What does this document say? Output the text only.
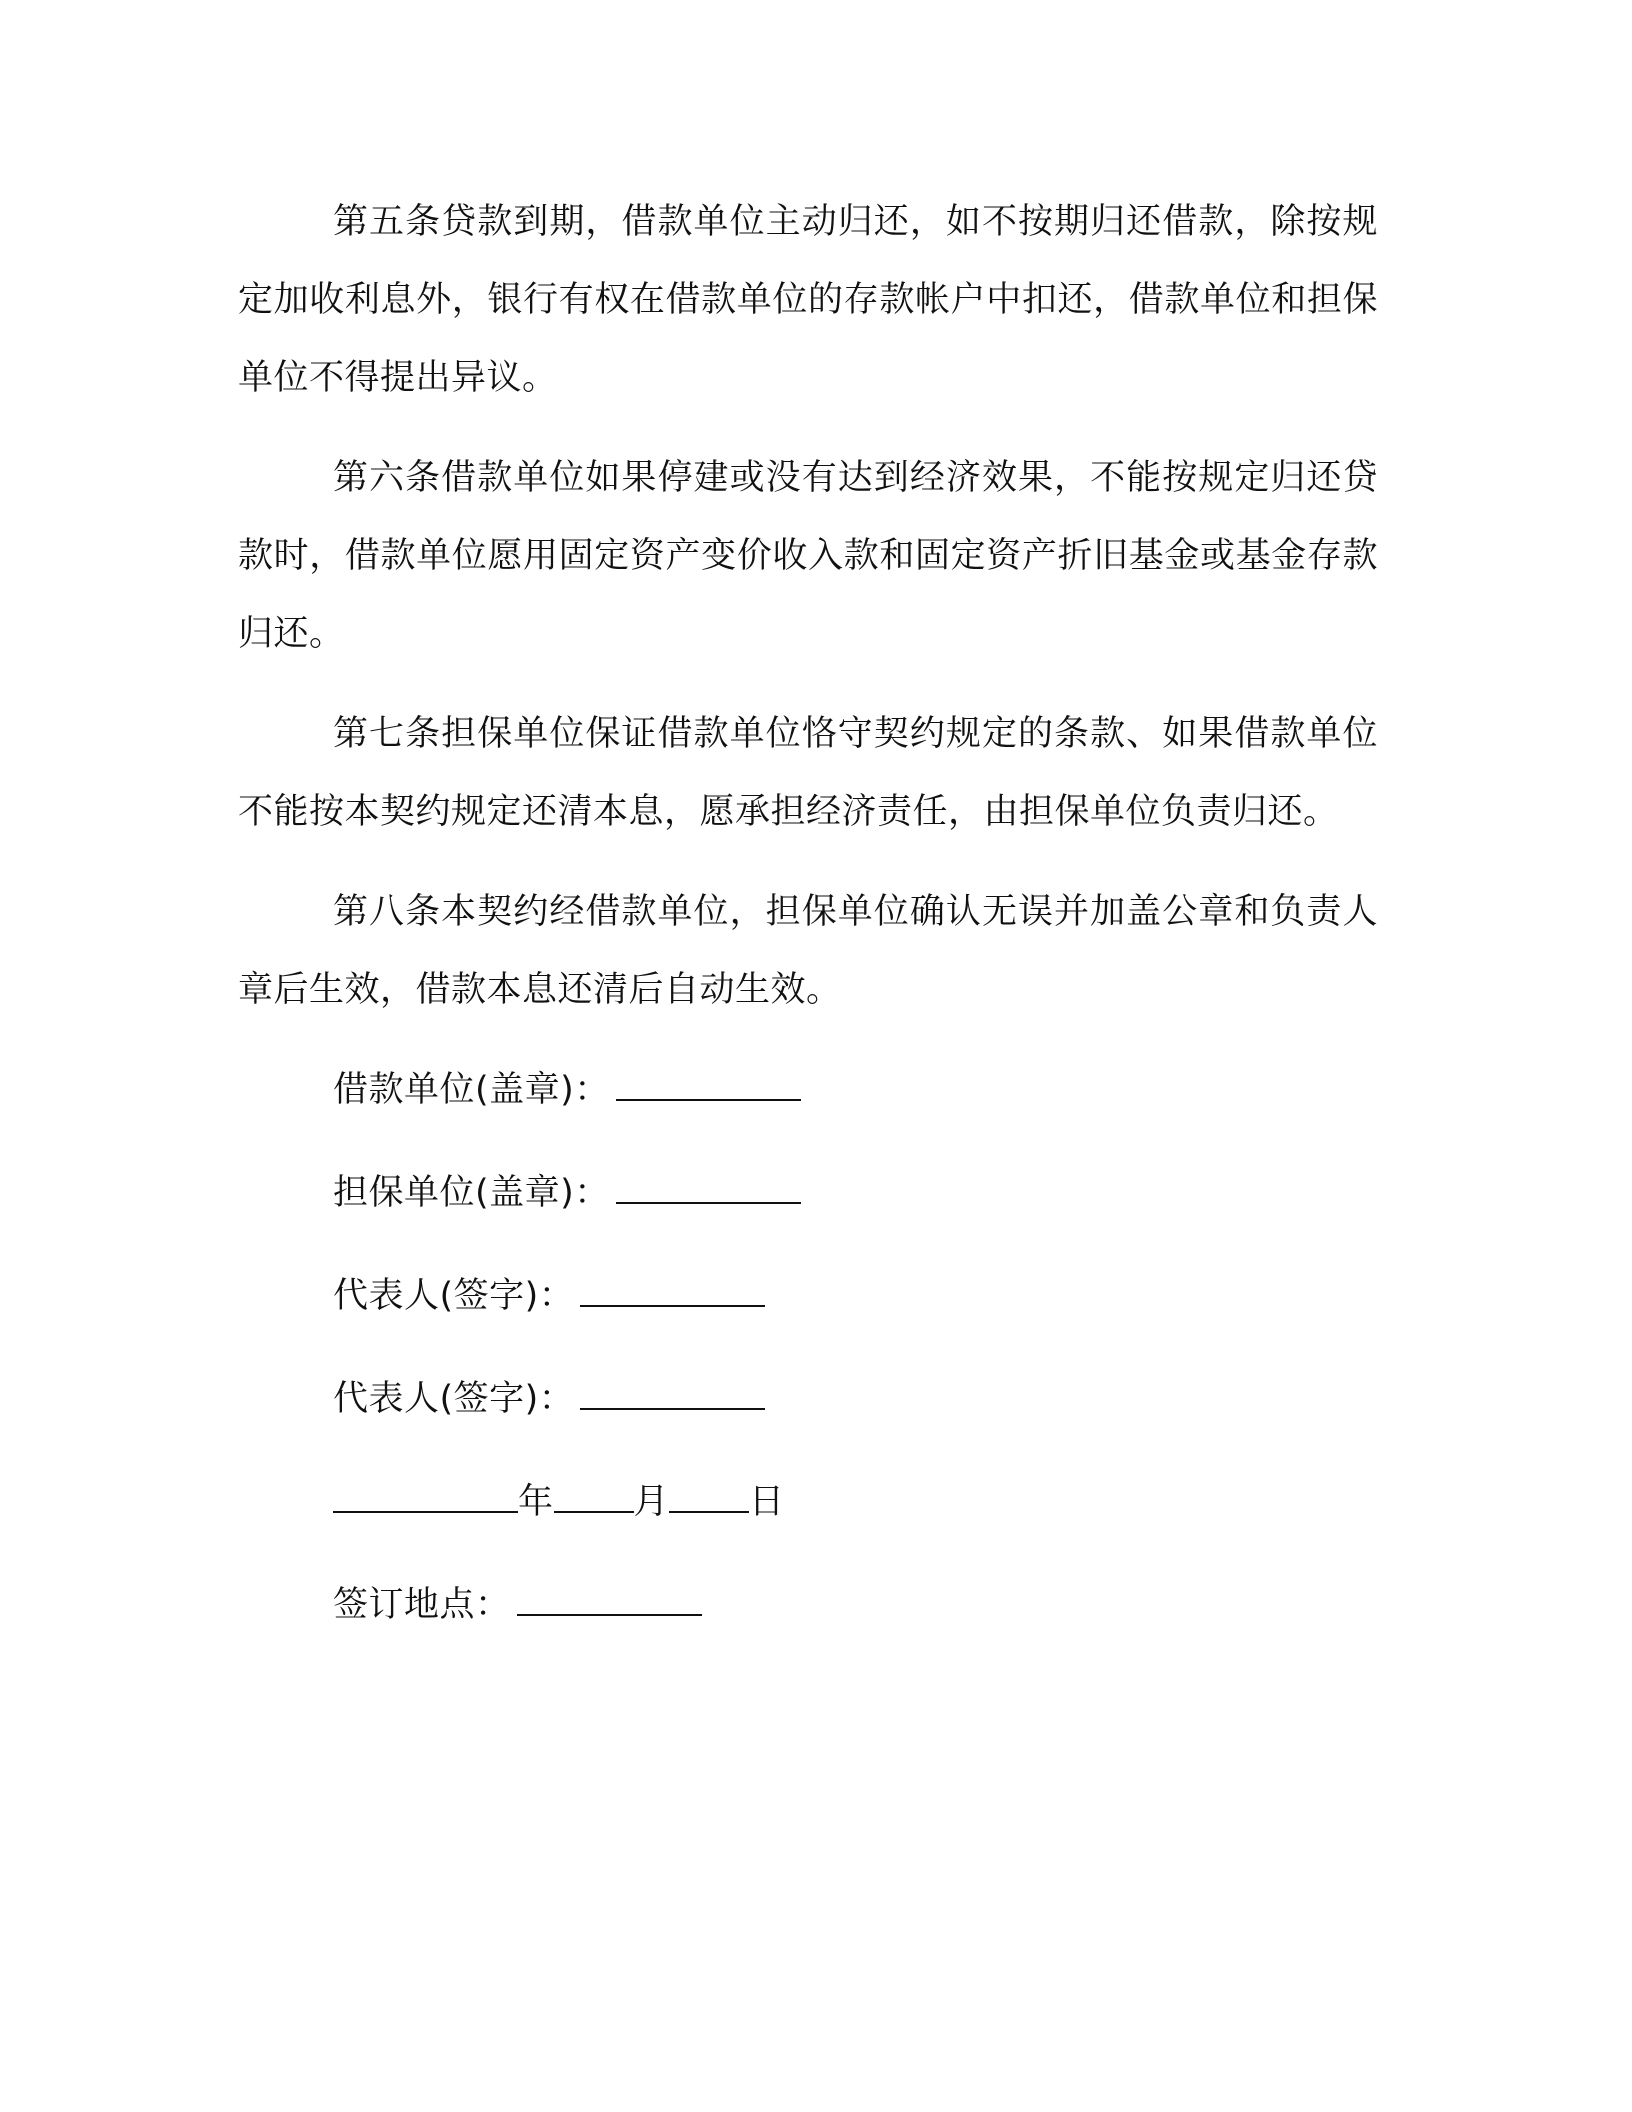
第五条贷款到期，借款单位主动归还，如不按期归还借款，除按规定加收利息外，银行有权在借款单位的存款帐户中扣还，借款单位和担保单位不得提出异议。

第六条借款单位如果停建或没有达到经济效果，不能按规定归还贷款时，借款单位愿用固定资产变价收入款和固定资产折旧基金或基金存款归还。

第七条担保单位保证借款单位恪守契约规定的条款、如果借款单位不能按本契约规定还清本息，愿承担经济责任，由担保单位负责归还。

第八条本契约经借款单位，担保单位确认无误并加盖公章和负责人章后生效，借款本息还清后自动生效。

借款单位(盖章)：
担保单位(盖章)：
代表人(签字)：
代表人(签字)：
年 月 日
签订地点：
